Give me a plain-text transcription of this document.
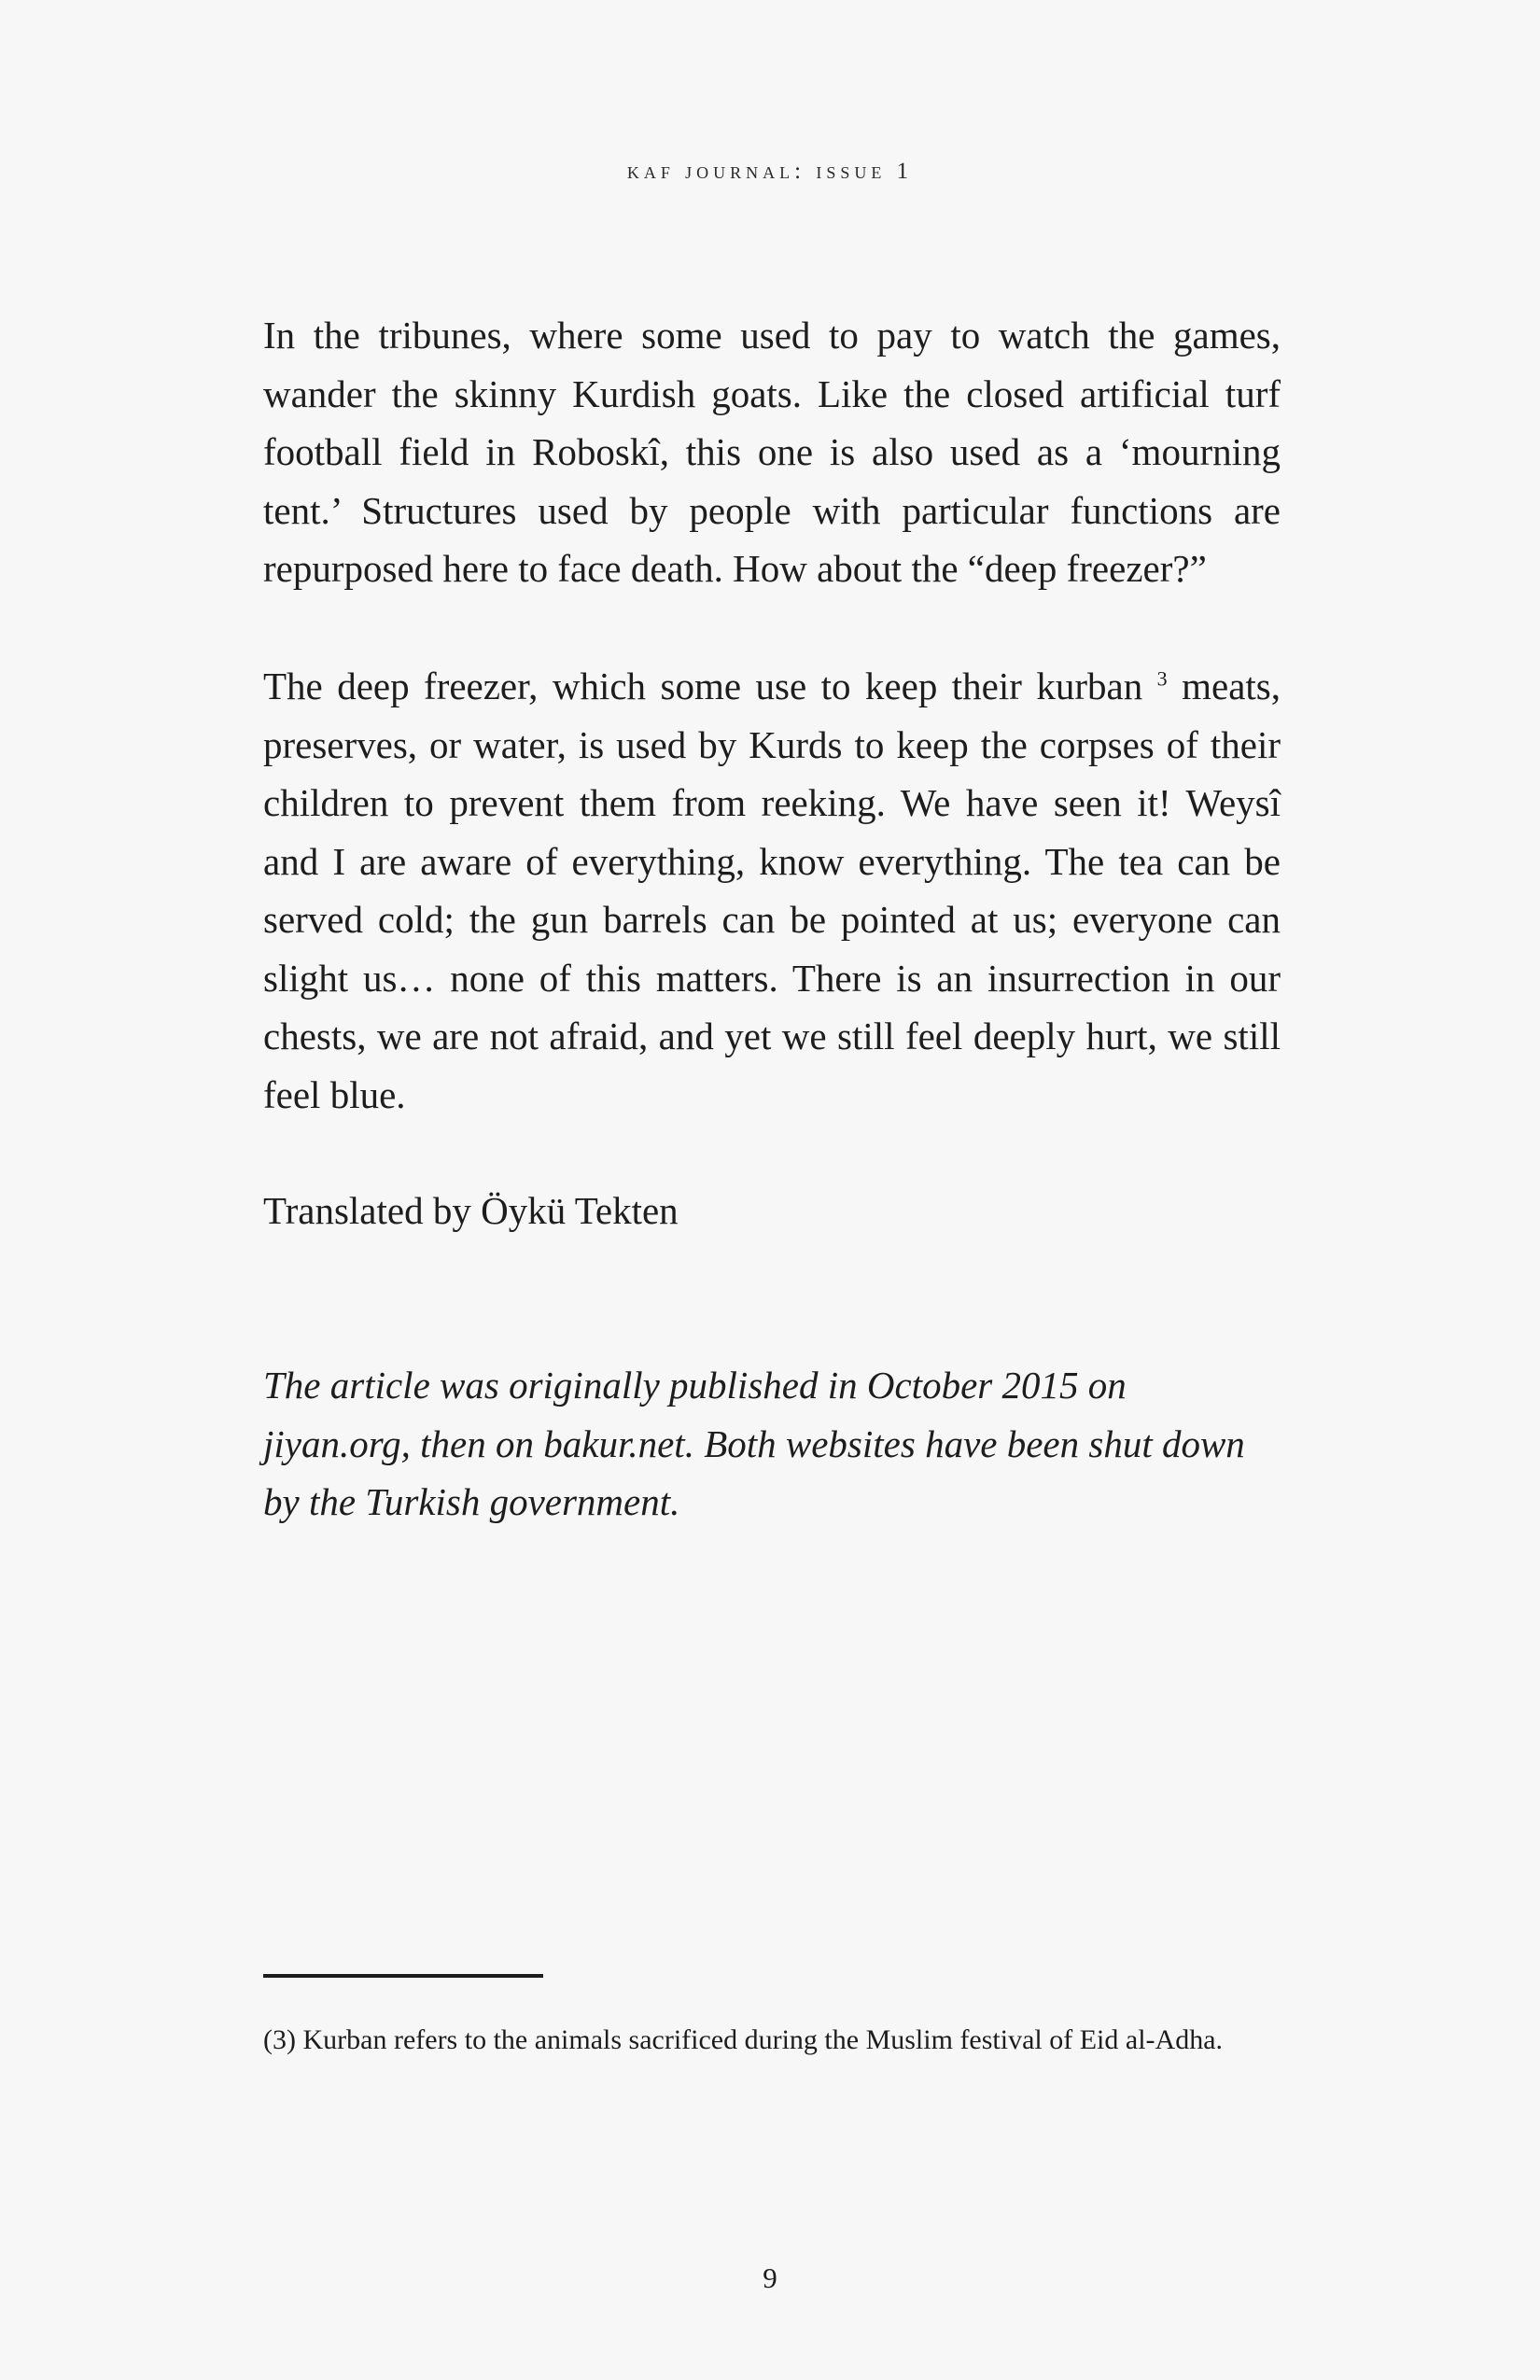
kaf journal: issue 1

In the tribunes, where some used to pay to watch the games, wander the skinny Kurdish goats. Like the closed artificial turf football field in Roboskî, this one is also used as a ‘mourning tent.’ Structures used by people with particular functions are repurposed here to face death. How about the “deep freezer?”

The deep freezer, which some use to keep their kurban $^3$ meats, preserves, or water, is used by Kurds to keep the corpses of their children to prevent them from reeking. We have seen it! Weysî and I are aware of everything, know everything. The tea can be served cold; the gun barrels can be pointed at us; everyone can slight us… none of this matters. There is an insurrection in our chests, we are not afraid, and yet we still feel deeply hurt, we still feel blue.

Translated by Öykü Tekten

The article was originally published in October 2015 on jiyan.org, then on bakur.net. Both websites have been shut down by the Turkish government.

(3) Kurban refers to the animals sacrificed during the Muslim festival of Eid al-Adha.

9
